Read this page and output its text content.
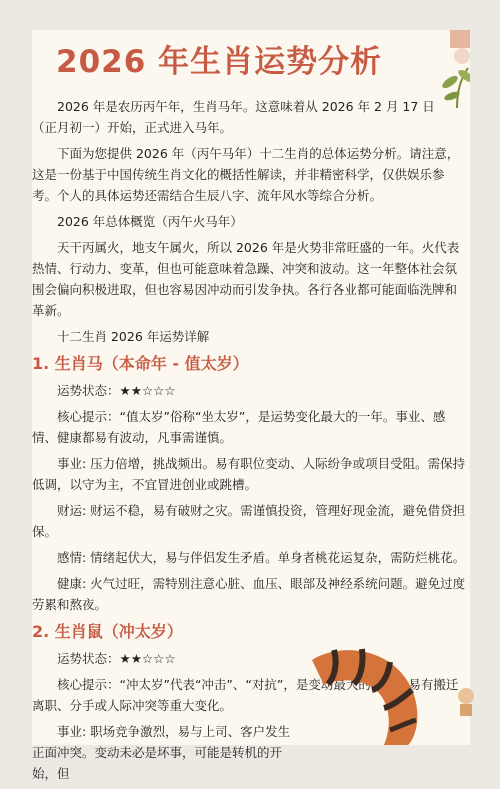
2026 年生肖运势分析

2026 年是农历丙午年，生肖马年。这意味着从 2026 年 2 月 17 日　　（正月初一）开始，正式进入马年。

下面为您提供 2026 年（丙午马年）十二生肖的总体运势分析。请注意，这是一份基于中国传统生肖文化的概括性解读，并非精密科学，仅供娱乐参考。个人的具体运势还需结合生辰八字、流年风水等综合分析。

2026 年总体概览（丙午火马年）

天干丙属火，地支午属火，所以 2026 年是火势非常旺盛的一年。火代表热情、行动力、变革，但也可能意味着急躁、冲突和波动。这一年整体社会氛围会偏向积极进取，但也容易因冲动而引发争执。各行各业都可能面临洗牌和革新。

十二生肖 2026 年运势详解

1. 生肖马（本命年 - 值太岁）

运势状态：★★☆☆☆

核心提示：“值太岁”俗称“坐太岁”，是运势变化最大的一年。事业、感情、健康都易有波动，凡事需谨慎。

事业: 压力倍增，挑战频出。易有职位变动、人际纷争或项目受阻。需保持低调，以守为主，不宜冒进创业或跳槽。

财运: 财运不稳，易有破财之灾。需谨慎投资，管理好现金流，避免借贷担保。

感情: 情绪起伏大，易与伴侣发生矛盾。单身者桃花运复杂，需防烂桃花。

健康: 火气过旺，需特别注意心脏、血压、眼部及神经系统问题。避免过度劳累和熬夜。

2. 生肖鼠（冲太岁）

运势状态：★★☆☆☆

核心提示：“冲太岁”代表“冲击”、“对抗”，是变动最大的一年。易有搬迁离职、分手或人际冲突等重大变化。

事业: 职场竞争激烈，易与上司、客户发生正面冲突。变动未必是坏事，可能是转机的开始，但
